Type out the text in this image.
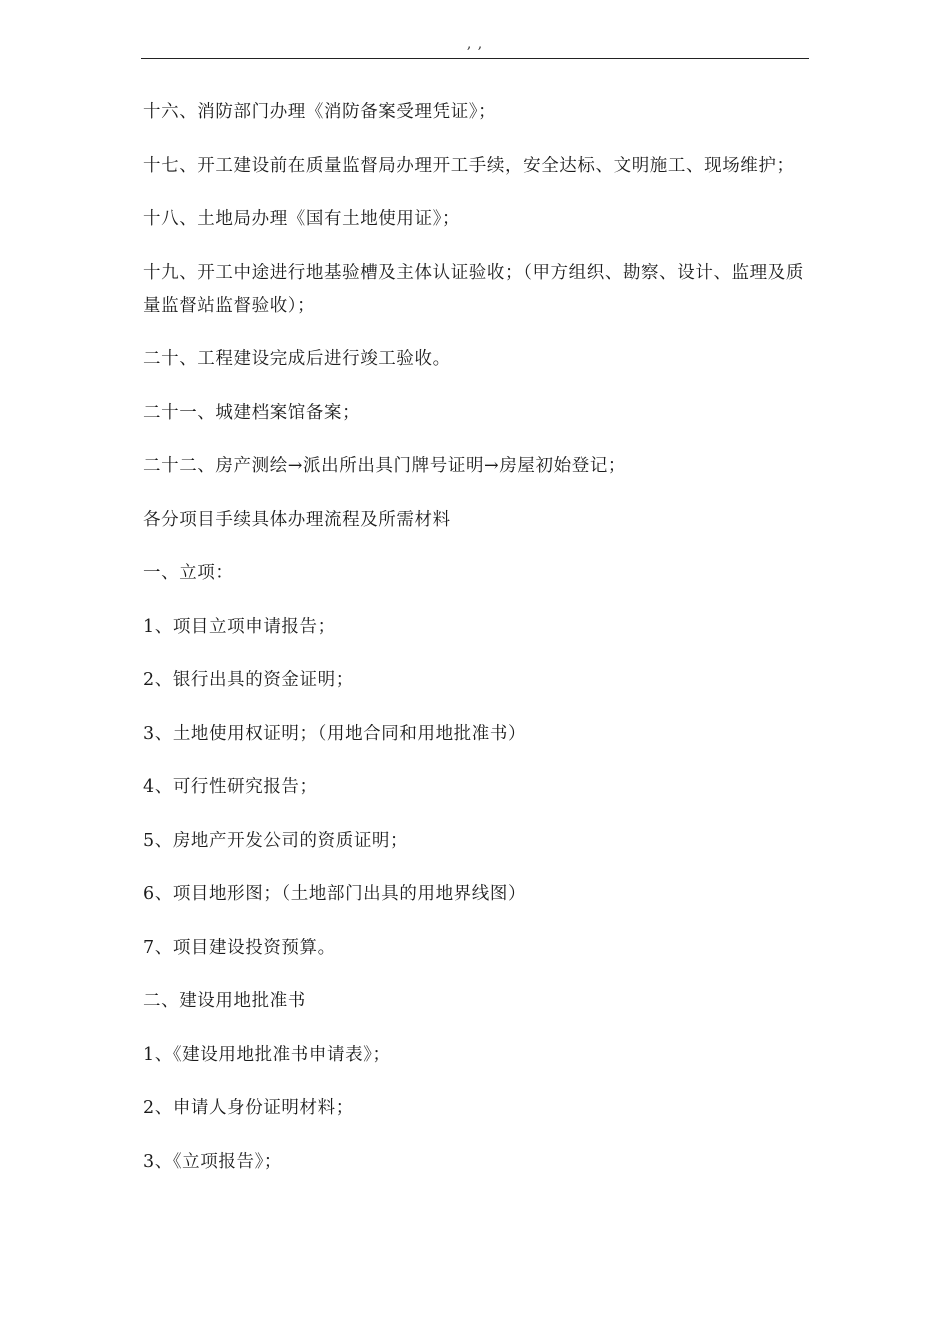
, ,

十六、消防部门办理《消防备案受理凭证》；

十七、开工建设前在质量监督局办理开工手续，安全达标、文明施工、现场维护；

十八、土地局办理《国有土地使用证》；

十九、开工中途进行地基验槽及主体认证验收；（甲方组织、勘察、设计、监理及质量监督站监督验收）；

二十、工程建设完成后进行竣工验收。

二十一、城建档案馆备案；

二十二、房产测绘→派出所出具门牌号证明→房屋初始登记；

各分项目手续具体办理流程及所需材料

一、立项：

1、项目立项申请报告；

2、银行出具的资金证明；

3、土地使用权证明；（用地合同和用地批准书）

4、可行性研究报告；

5、房地产开发公司的资质证明；

6、项目地形图；（土地部门出具的用地界线图）

7、项目建设投资预算。

二、建设用地批准书

1、《建设用地批准书申请表》；

2、申请人身份证明材料；

3、《立项报告》；
